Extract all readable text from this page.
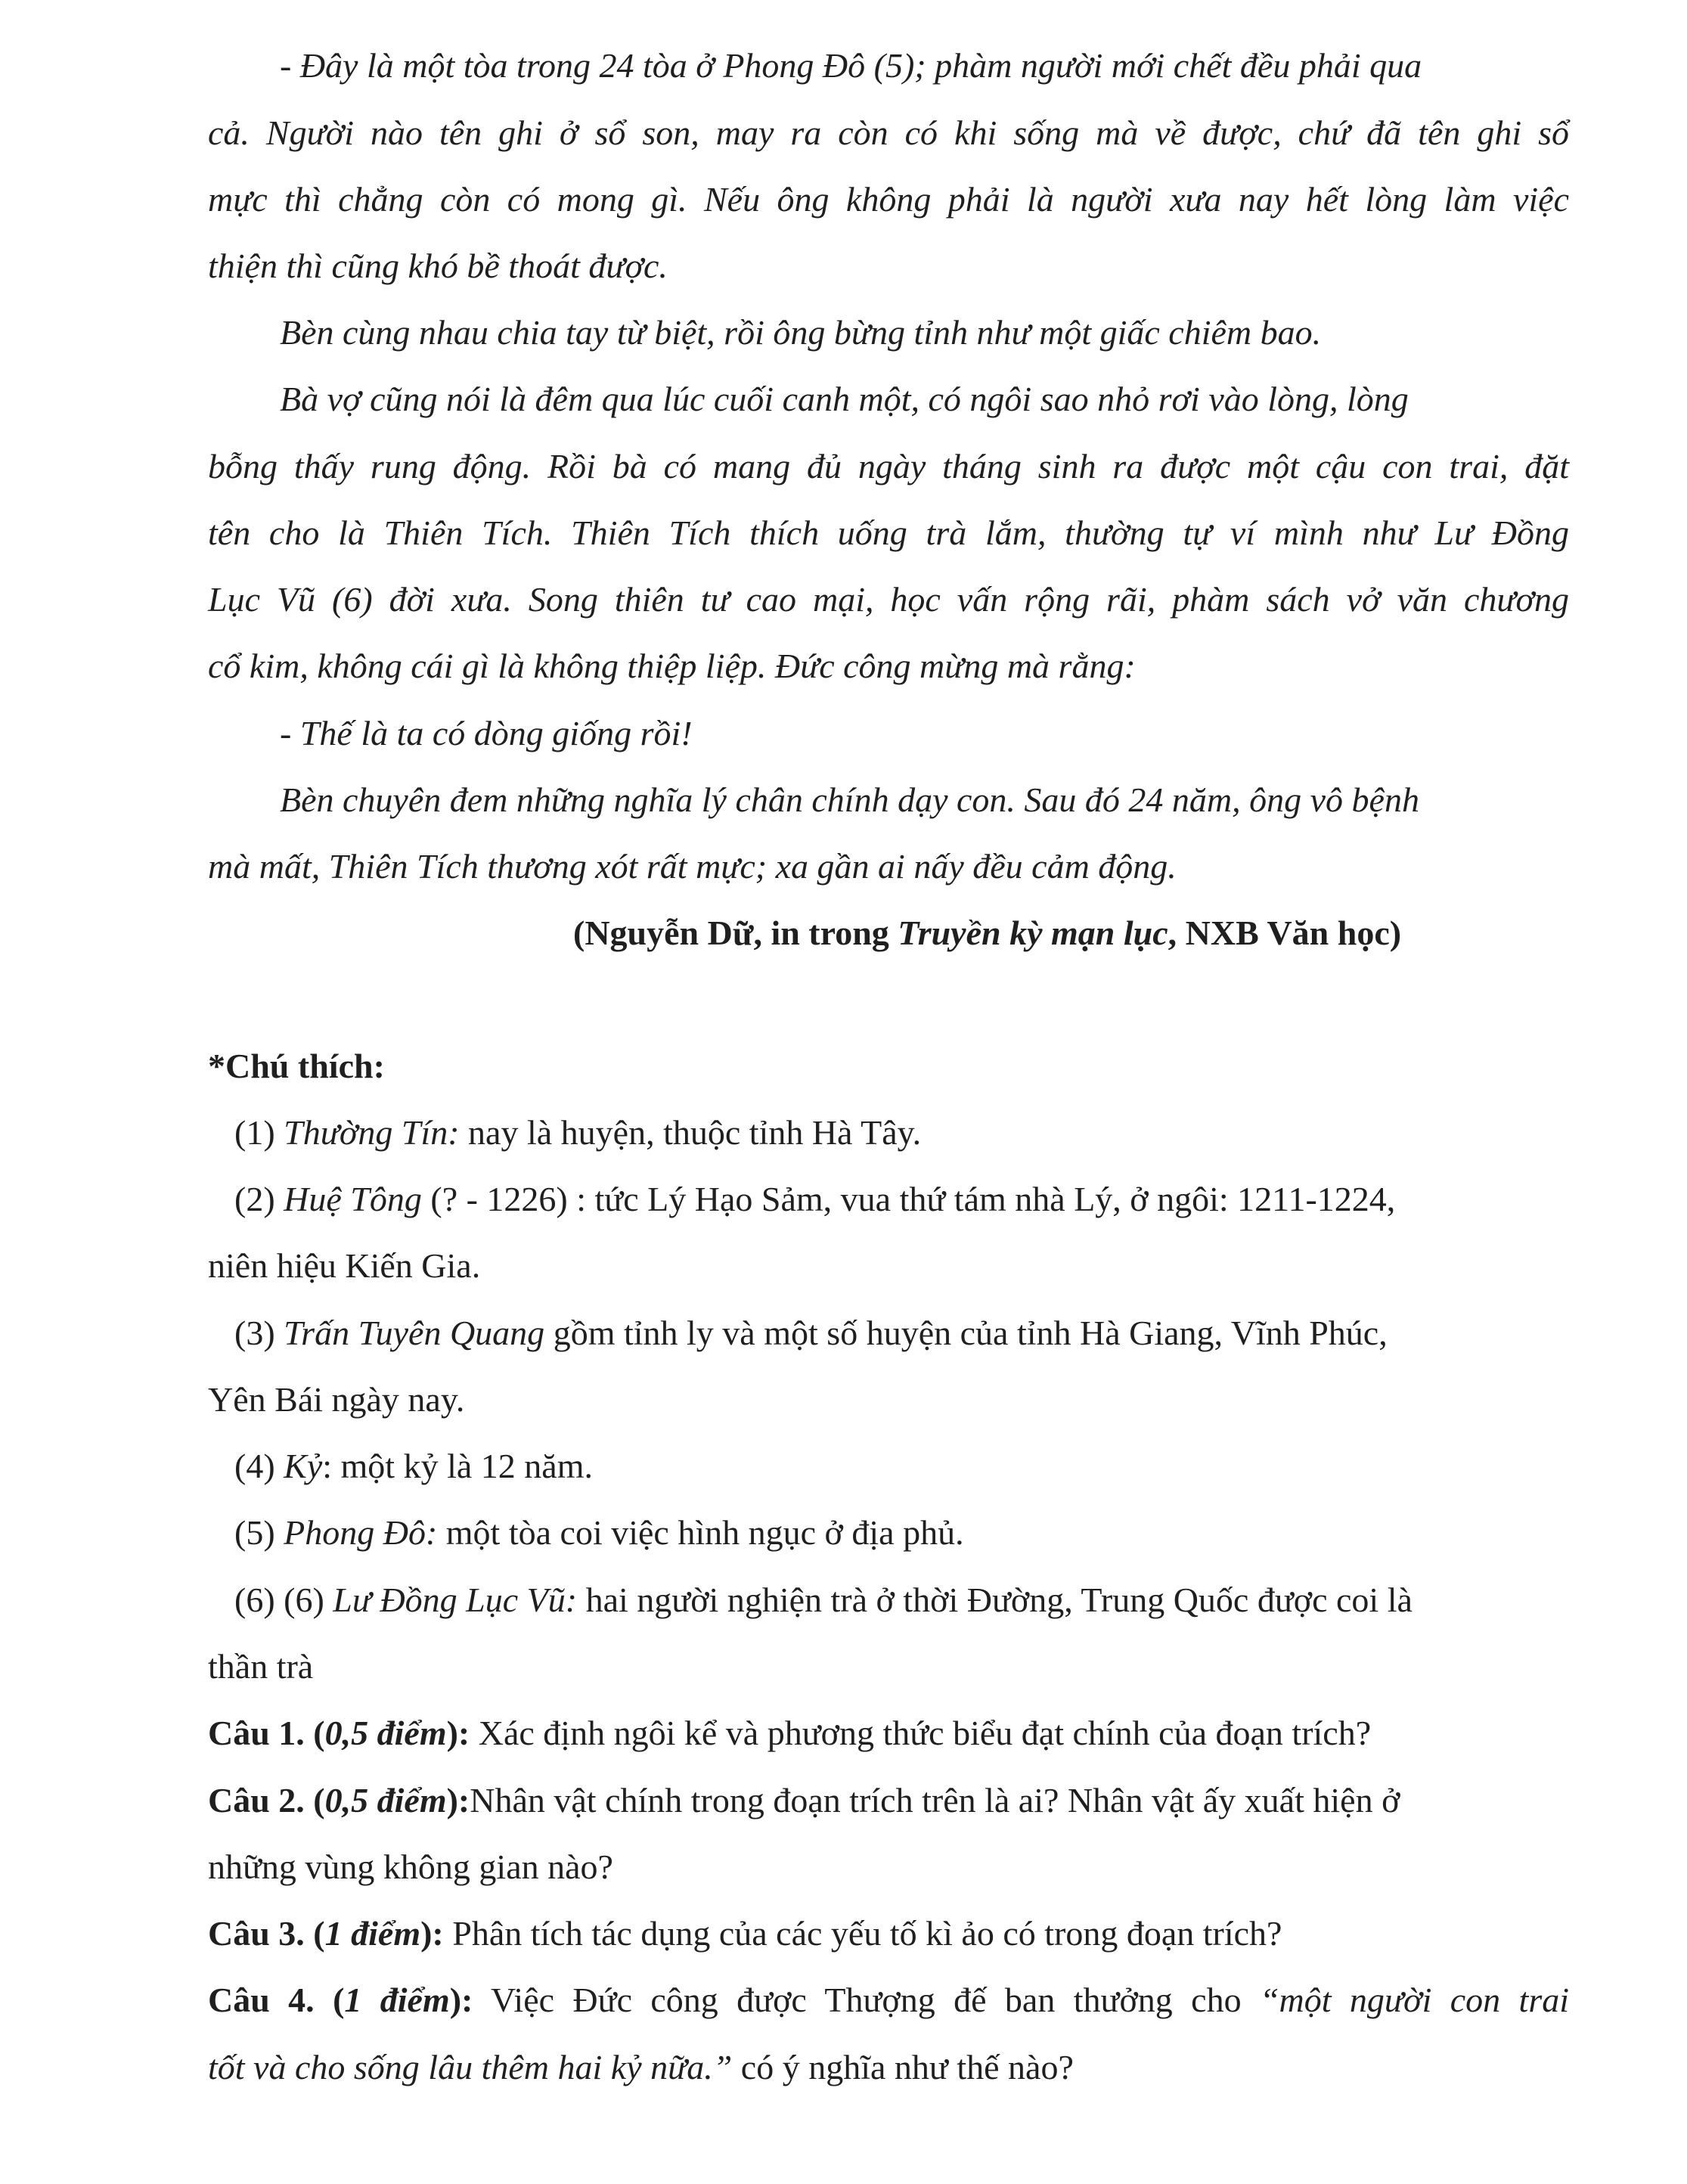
- Đây là một tòa trong 24 tòa ở Phong Đô (5); phàm người mới chết đều phải qua
cả. Người nào tên ghi ở sổ son, may ra còn có khi sống mà về được, chứ đã tên ghi sổ
mực thì chẳng còn có mong gì. Nếu ông không phải là người xưa nay hết lòng làm việc
thiện thì cũng khó bề thoát được.
Bèn cùng nhau chia tay từ biệt, rồi ông bừng tỉnh như một giấc chiêm bao.
Bà vợ cũng nói là đêm qua lúc cuối canh một, có ngôi sao nhỏ rơi vào lòng, lòng
bỗng thấy rung động. Rồi bà có mang đủ ngày tháng sinh ra được một cậu con trai, đặt
tên cho là Thiên Tích. Thiên Tích thích uống trà lắm, thường tự ví mình như Lư Đồng
Lục Vũ (6) đời xưa. Song thiên tư cao mại, học vấn rộng rãi, phàm sách vở văn chương
cổ kim, không cái gì là không thiệp liệp. Đức công mừng mà rằng:
- Thế là ta có dòng giống rồi!
Bèn chuyên đem những nghĩa lý chân chính dạy con. Sau đó 24 năm, ông vô bệnh
mà mất, Thiên Tích thương xót rất mực; xa gần ai nấy đều cảm động.
(Nguyễn Dữ, in trong Truyền kỳ mạn lục, NXB Văn học)
*Chú thích:
(1) Thường Tín: nay là huyện, thuộc tỉnh Hà Tây.
(2) Huệ Tông (? - 1226) : tức Lý Hạo Sảm, vua thứ tám nhà Lý, ở ngôi: 1211-1224,
niên hiệu Kiến Gia.
(3) Trấn Tuyên Quang gồm tỉnh ly và một số huyện của tỉnh Hà Giang, Vĩnh Phúc,
Yên Bái ngày nay.
(4) Kỷ: một kỷ là 12 năm.
(5) Phong Đô: một tòa coi việc hình ngục ở địa phủ.
(6) (6) Lư Đồng Lục Vũ: hai người nghiện trà ở thời Đường, Trung Quốc được coi là
thần trà
Câu 1. (0,5 điểm): Xác định ngôi kể và phương thức biểu đạt chính của đoạn trích?
Câu 2. (0,5 điểm):Nhân vật chính trong đoạn trích trên là ai? Nhân vật ấy xuất hiện ở
những vùng không gian nào?
Câu 3. (1 điểm): Phân tích tác dụng của các yếu tố kì ảo có trong đoạn trích?
Câu 4. (1 điểm): Việc Đức công được Thượng đế ban thưởng cho “một người con trai
tốt và cho sống lâu thêm hai kỷ nữa.” có ý nghĩa như thế nào?
